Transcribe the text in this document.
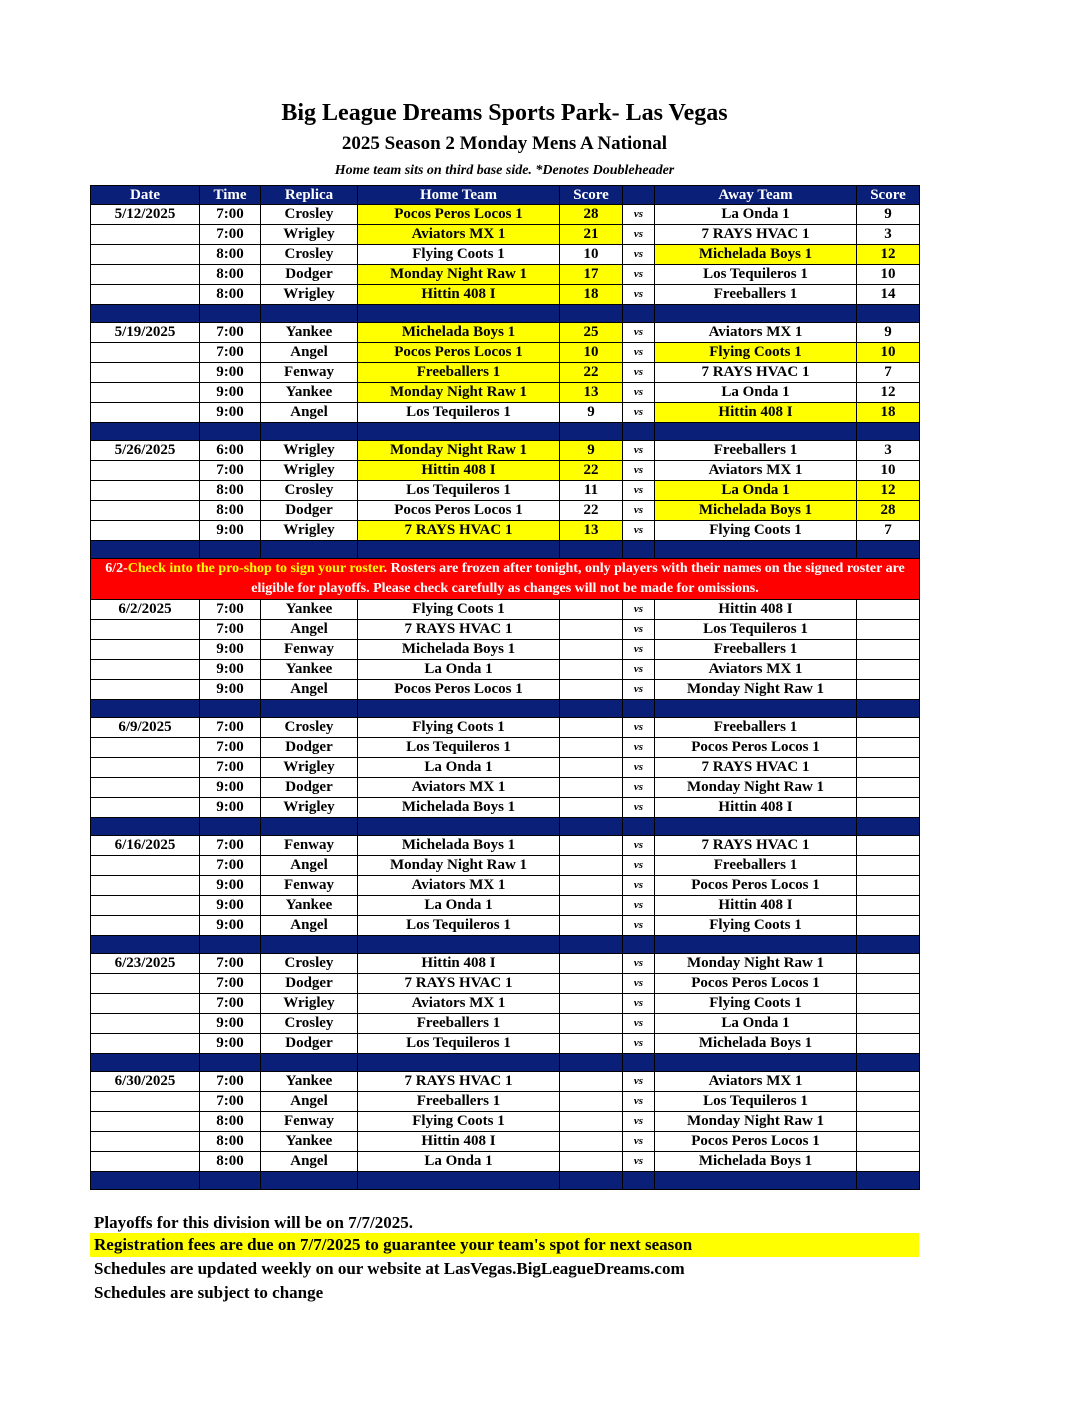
Big League Dreams Sports Park- Las Vegas
2025 Season 2 Monday Mens A National
Home team sits on third base side. *Denotes Doubleheader
Date	Time	Replica	Home Team	Score		Away Team	Score
5/12/2025	7:00	Crosley	Pocos Peros Locos 1	28	vs	La Onda 1	9
	7:00	Wrigley	Aviators MX 1	21	vs	7 RAYS HVAC 1	3
	8:00	Crosley	Flying Coots 1	10	vs	Michelada Boys 1	12
	8:00	Dodger	Monday Night Raw 1	17	vs	Los Tequileros 1	10
	8:00	Wrigley	Hittin 408 I	18	vs	Freeballers 1	14

5/19/2025	7:00	Yankee	Michelada Boys 1	25	vs	Aviators MX 1	9
	7:00	Angel	Pocos Peros Locos 1	10	vs	Flying Coots 1	10
	9:00	Fenway	Freeballers 1	22	vs	7 RAYS HVAC 1	7
	9:00	Yankee	Monday Night Raw 1	13	vs	La Onda 1	12
	9:00	Angel	Los Tequileros 1	9	vs	Hittin 408 I	18

5/26/2025	6:00	Wrigley	Monday Night Raw 1	9	vs	Freeballers 1	3
	7:00	Wrigley	Hittin 408 I	22	vs	Aviators MX 1	10
	8:00	Crosley	Los Tequileros 1	11	vs	La Onda 1	12
	8:00	Dodger	Pocos Peros Locos 1	22	vs	Michelada Boys 1	28
	9:00	Wrigley	7 RAYS HVAC 1	13	vs	Flying Coots 1	7

6/2-Check into the pro-shop to sign your roster. Rosters are frozen after tonight, only players with their names on the signed roster are eligible for playoffs. Please check carefully as changes will not be made for omissions.							
6/2/2025	7:00	Yankee	Flying Coots 1		vs	Hittin 408 I	
	7:00	Angel	7 RAYS HVAC 1		vs	Los Tequileros 1	
	9:00	Fenway	Michelada Boys 1		vs	Freeballers 1	
	9:00	Yankee	La Onda 1		vs	Aviators MX 1	
	9:00	Angel	Pocos Peros Locos 1		vs	Monday Night Raw 1	

6/9/2025	7:00	Crosley	Flying Coots 1		vs	Freeballers 1	
	7:00	Dodger	Los Tequileros 1		vs	Pocos Peros Locos 1	
	7:00	Wrigley	La Onda 1		vs	7 RAYS HVAC 1	
	9:00	Dodger	Aviators MX 1		vs	Monday Night Raw 1	
	9:00	Wrigley	Michelada Boys 1		vs	Hittin 408 I	

6/16/2025	7:00	Fenway	Michelada Boys 1		vs	7 RAYS HVAC 1	
	7:00	Angel	Monday Night Raw 1		vs	Freeballers 1	
	9:00	Fenway	Aviators MX 1		vs	Pocos Peros Locos 1	
	9:00	Yankee	La Onda 1		vs	Hittin 408 I	
	9:00	Angel	Los Tequileros 1		vs	Flying Coots 1	

6/23/2025	7:00	Crosley	Hittin 408 I		vs	Monday Night Raw 1	
	7:00	Dodger	7 RAYS HVAC 1		vs	Pocos Peros Locos 1	
	7:00	Wrigley	Aviators MX 1		vs	Flying Coots 1	
	9:00	Crosley	Freeballers 1		vs	La Onda 1	
	9:00	Dodger	Los Tequileros 1		vs	Michelada Boys 1	

6/30/2025	7:00	Yankee	7 RAYS HVAC 1		vs	Aviators MX 1	
	7:00	Angel	Freeballers 1		vs	Los Tequileros 1	
	8:00	Fenway	Flying Coots 1		vs	Monday Night Raw 1	
	8:00	Yankee	Hittin 408 I		vs	Pocos Peros Locos 1	
	8:00	Angel	La Onda 1		vs	Michelada Boys 1	

Playoffs for this division will be on 7/7/2025.
Registration fees are due on 7/7/2025 to guarantee your team's spot for next season
Schedules are updated weekly on our website at LasVegas.BigLeagueDreams.com
Schedules are subject to change
